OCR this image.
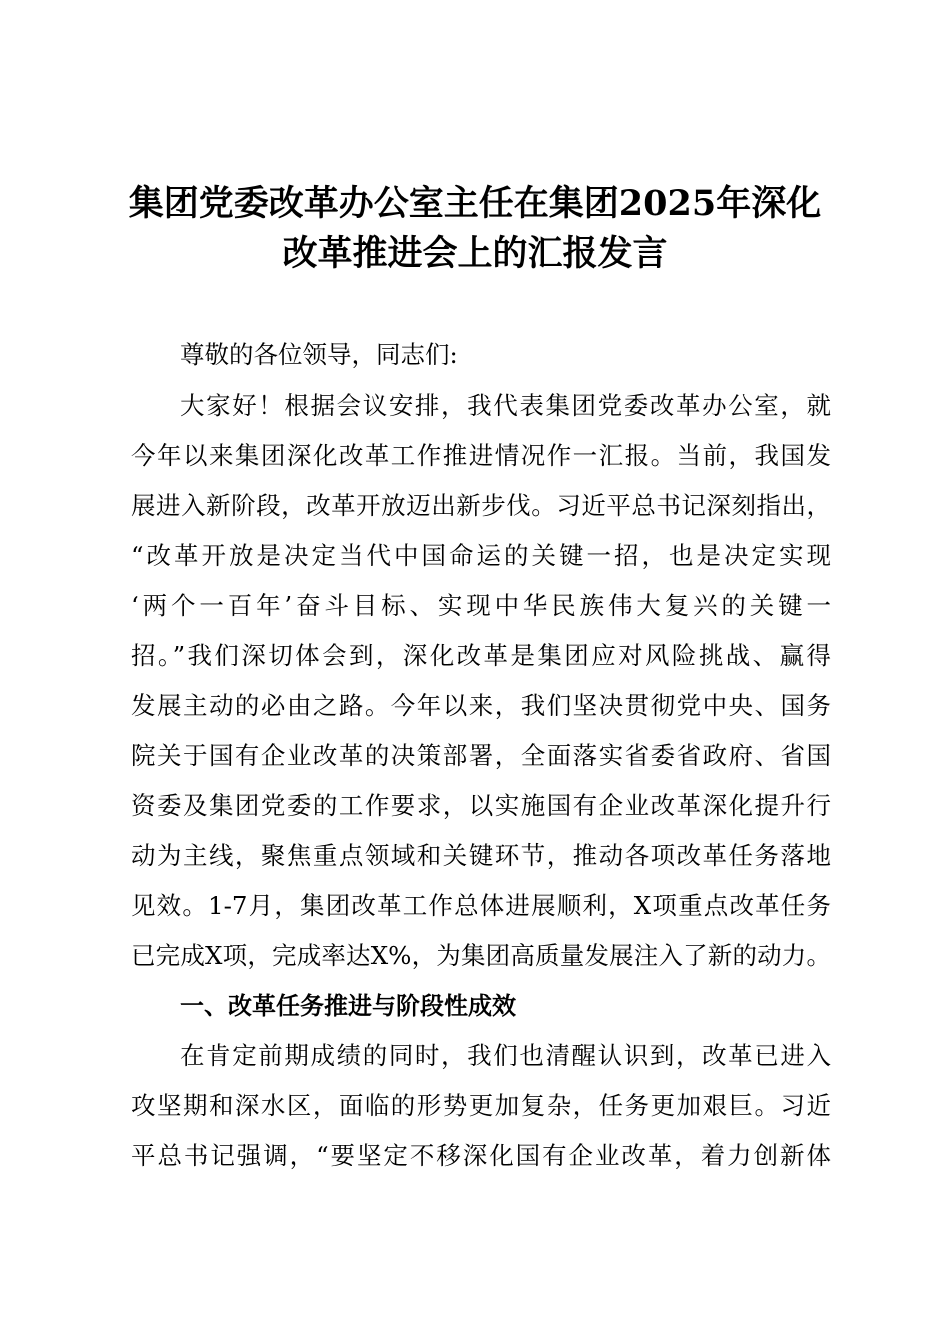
集团党委改革办公室主任在集团2025年深化
改革推进会上的汇报发言

尊敬的各位领导，同志们:

大家好！根据会议安排，我代表集团党委改革办公室，就

今年以来集团深化改革工作推进情况作一汇报。当前，我国发

展进入新阶段，改革开放迈出新步伐。习近平总书记深刻指出，

“改革开放是决定当代中国命运的关键一招，也是决定实现

‘两个一百年’奋斗目标、实现中华民族伟大复兴的关键一

招。”我们深切体会到，深化改革是集团应对风险挑战、赢得

发展主动的必由之路。今年以来，我们坚决贯彻党中央、国务

院关于国有企业改革的决策部署，全面落实省委省政府、省国

资委及集团党委的工作要求，以实施国有企业改革深化提升行

动为主线，聚焦重点领域和关键环节，推动各项改革任务落地

见效。1-7月，集团改革工作总体进展顺利，X项重点改革任务

已完成X项，完成率达X%，为集团高质量发展注入了新的动力。

一、改革任务推进与阶段性成效

在肯定前期成绩的同时，我们也清醒认识到，改革已进入

攻坚期和深水区，面临的形势更加复杂，任务更加艰巨。习近

平总书记强调，“要坚定不移深化国有企业改革，着力创新体
